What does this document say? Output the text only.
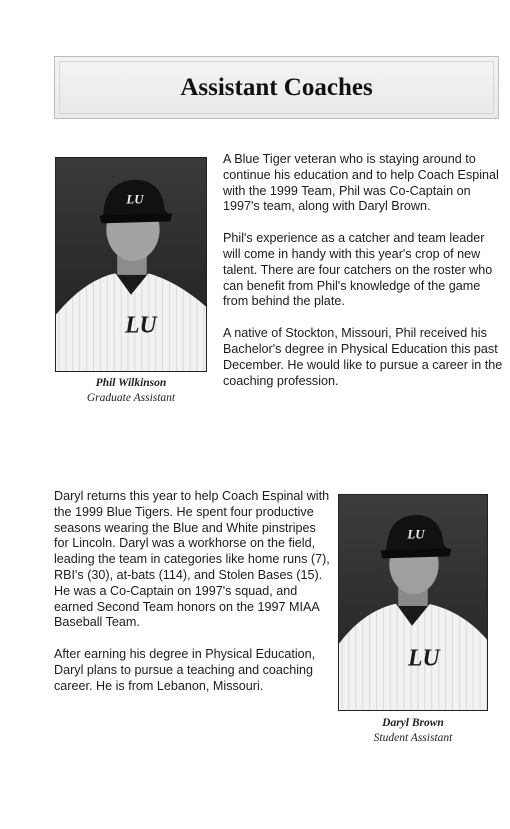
Assistant Coaches
LU
LU
Phil Wilkinson
Graduate Assistant

A Blue Tiger veteran who is staying around to continue his education and to help Coach Espinal with the 1999 Team, Phil was Co-Captain on 1997's team, along with Daryl Brown.

Phil's experience as a catcher and team leader will come in handy with this year's crop of new talent. There are four catchers on the roster who can benefit from Phil's knowledge of the game from behind the plate.

A native of Stockton, Missouri, Phil received his Bachelor's degree in Physical Education this past December. He would like to pursue a career in the coaching profession.

Daryl returns this year to help Coach Espinal with the 1999 Blue Tigers. He spent four productive seasons wearing the Blue and White pinstripes for Lincoln. Daryl was a workhorse on the field, leading the team in categories like home runs (7), RBI's (30), at-bats (114), and Stolen Bases (15). He was a Co-Captain on 1997's squad, and earned Second Team honors on the 1997 MIAA Baseball Team.

After earning his degree in Physical Education, Daryl plans to pursue a teaching and coaching career. He is from Lebanon, Missouri.

LU
LU
Daryl Brown
Student Assistant
